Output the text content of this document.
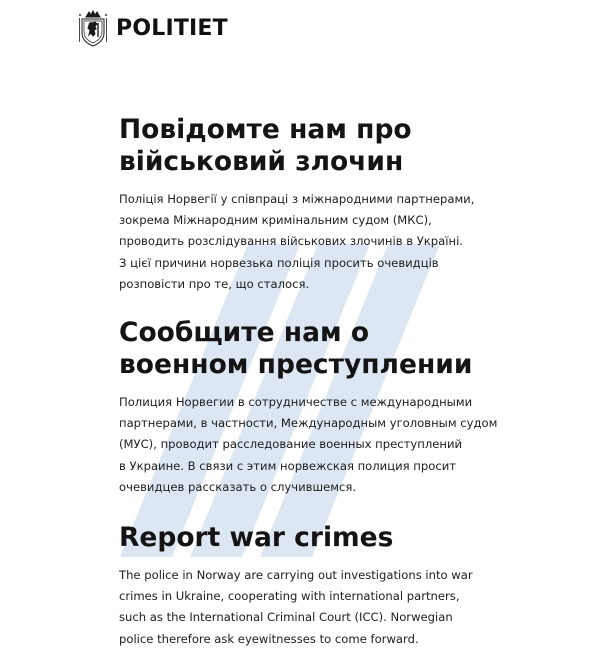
POLITIET
Повідомте нам про
військовий злочин

Поліція Норвегії у співпраці з міжнародними партнерами,
зокрема Міжнародним кримінальним судом (МКС),
проводить розслідування військових злочинів в Україні.
З цієї причини норвезька поліція просить очевидців
розповісти про те, що сталося.

Сообщите нам о
военном преступлении

Полиция Норвегии в сотрудничестве с международными
партнерами, в частности, Международным уголовным судом
(МУС), проводит расследование военных преступлений
в Украине. В связи с этим норвежская полиция просит
очевидцев рассказать о случившемся.

Report war crimes

The police in Norway are carrying out investigations into war
crimes in Ukraine, cooperating with international partners,
such as the International Criminal Court (ICC). Norwegian
police therefore ask eyewitnesses to come forward.
